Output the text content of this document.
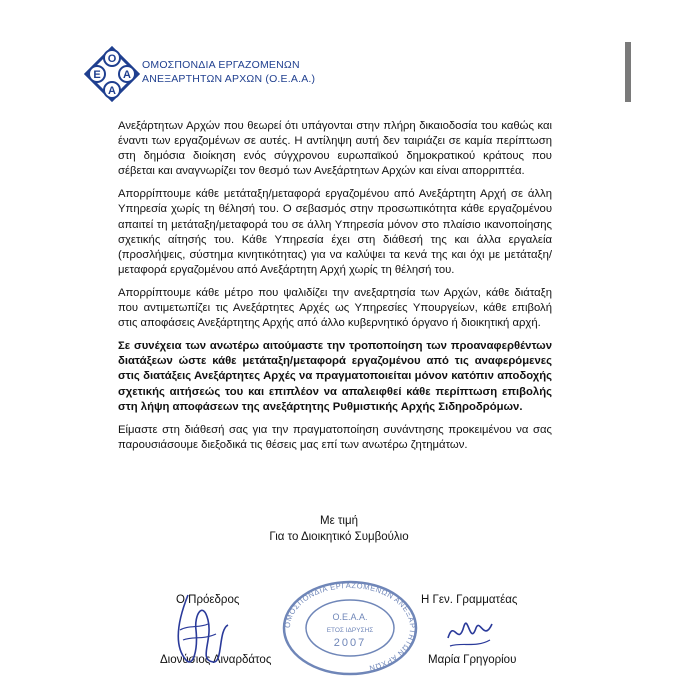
Ο
Ε Α
Α
ΟΜΟΣΠΟΝΔΙΑ ΕΡΓΑΖΟΜΕΝΩΝ
ΑΝΕΞΑΡΤΗΤΩΝ ΑΡΧΩΝ (Ο.Ε.Α.Α.)

Ανεξάρτητων Αρχών που θεωρεί ότι υπάγονται στην πλήρη δικαιοδοσία του καθώς και έναντι των εργαζομένων σε αυτές. Η αντίληψη αυτή δεν ταιριάζει σε καμία περίπτωση στη δημόσια διοίκηση ενός σύγχρονου ευρωπαϊκού δημοκρατικού κράτους που σέβεται και αναγνωρίζει τον θεσμό των Ανεξάρτητων Αρχών και είναι απορριπτέα.

Απορρίπτουμε κάθε μετάταξη/μεταφορά εργαζομένου από Ανεξάρτητη Αρχή σε άλλη Υπηρεσία χωρίς τη θέλησή του. Ο σεβασμός στην προσωπικότητα κάθε εργαζομένου απαιτεί τη μετάταξη/μεταφορά του σε άλλη Υπηρεσία μόνον στο πλαίσιο ικανοποίησης σχετικής αίτησής του. Κάθε Υπηρεσία έχει στη διάθεσή της και άλλα εργαλεία (προσλήψεις, σύστημα κινητικότητας) για να καλύψει τα κενά της και όχι με μετάταξη/μεταφορά εργαζομένου από Ανεξάρτητη Αρχή χωρίς τη θέλησή του.

Απορρίπτουμε κάθε μέτρο που ψαλιδίζει την ανεξαρτησία των Αρχών, κάθε διάταξη που αντιμετωπίζει τις Ανεξάρτητες Αρχές ως Υπηρεσίες Υπουργείων, κάθε επιβολή στις αποφάσεις Ανεξάρτητης Αρχής από άλλο κυβερνητικό όργανο ή διοικητική αρχή.

Σε συνέχεια των ανωτέρω αιτούμαστε την τροποποίηση των προαναφερθέντων διατάξεων ώστε κάθε μετάταξη/μεταφορά εργαζομένου από τις αναφερόμενες στις διατάξεις Ανεξάρτητες Αρχές να πραγματοποιείται μόνον κατόπιν αποδοχής σχετικής αιτήσεώς του και επιπλέον να απαλειφθεί κάθε περίπτωση επιβολής στη λήψη αποφάσεων της ανεξάρτητης Ρυθμιστικής Αρχής Σιδηροδρόμων.

Είμαστε στη διάθεσή σας για την πραγματοποίηση συνάντησης προκειμένου να σας παρουσιάσουμε διεξοδικά τις θέσεις μας επί των ανωτέρω ζητημάτων.

Με τιμή
Για το Διοικητικό Συμβούλιο
Ο Πρόεδρος
Διονύσιος Λιναρδάτος
Η Γεν. Γραμματέας
Μαρία Γρηγορίου
ΟΜΟΣΠΟΝΔΙΑ ΕΡΓΑΖΟΜΕΝΩΝ ΑΝΕΞΑΡΤΗΤΩΝ ΑΡΧΩΝ
Ο.Ε.Α.Α.
ΕΤΟΣ ΙΔΡΥΣΗΣ
2007
